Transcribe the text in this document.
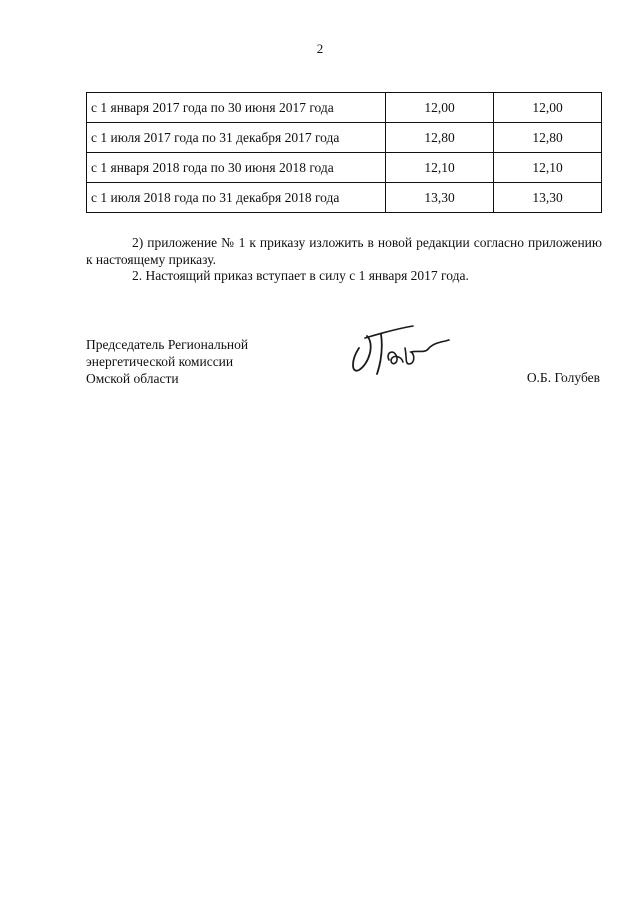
2
с 1 января 2017 года по 30 июня 2017 года	12,00	12,00
с 1 июля 2017 года по 31 декабря 2017 года	12,80	12,80
с 1 января 2018 года по 30 июня 2018 года	12,10	12,10
с 1 июля 2018 года по 31 декабря 2018 года	13,30	13,30
2) приложение № 1 к приказу изложить в новой редакции согласно приложению к настоящему приказу.
2. Настоящий приказ вступает в силу с 1 января 2017 года.
Председатель Региональной
энергетической комиссии
Омской области	О.Б. Голубев
